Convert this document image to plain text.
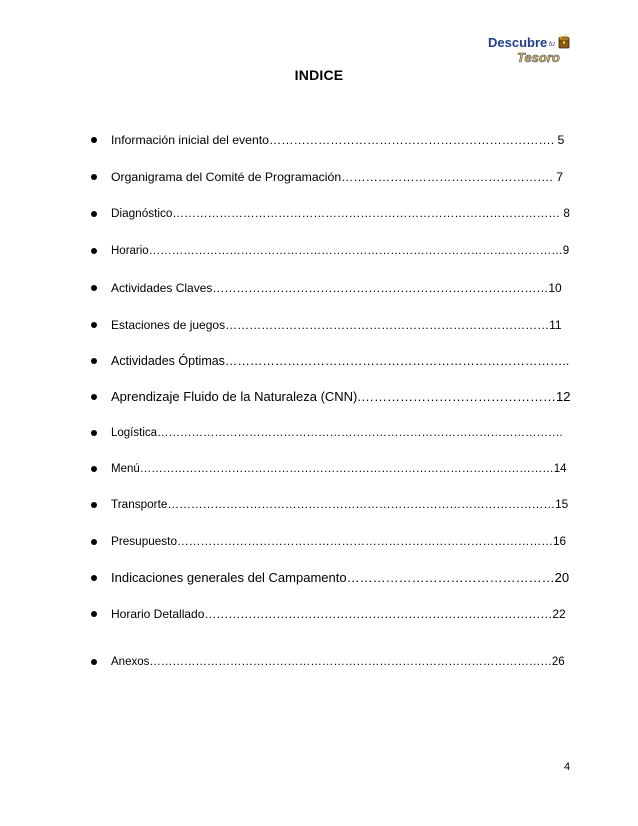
Descubre tu
Tesoro
INDICE
Información inicial del evento……………………………………………………………. 5
Organigrama del Comité de Programación……………………………………………. 7
Diagnóstico……………………………………………………………………………………… 8
Horario………………………………………………………………………………………………9
Actividades Claves…………………………………………………………………………10
Estaciones de juegos………………………………………………………………………11
Actividades Óptimas………………………………………………………………………..
Aprendizaje Fluido de la Naturaleza (CNN).………………………………………12
Logística…………………………………………………………………………………………….
Menú………………………………………………………………………………………………14
Transporte………………………………………………………………………………………15
Presupuesto……………………………………………………………………………………16
Indicaciones generales del Campamento…………………………………………20
Horario Detallado……………………………………………………………………………22
Anexos……………………………………………………………………………………………26
4
